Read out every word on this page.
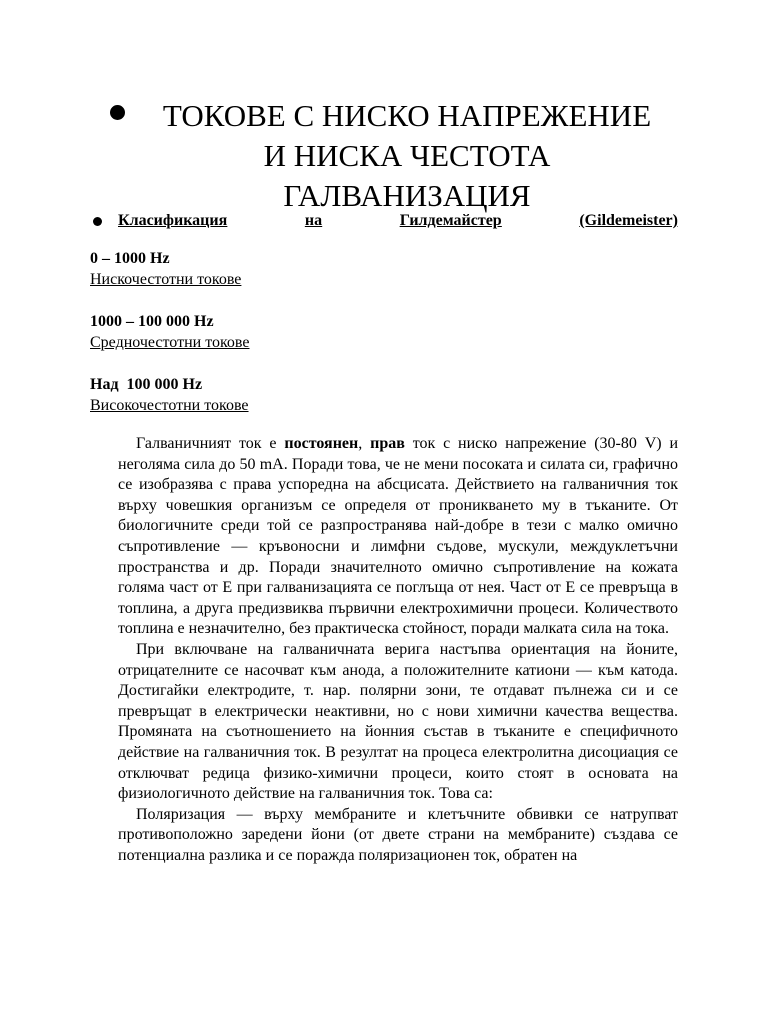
ТОКОВЕ С НИСКО НАПРЕЖЕНИЕ
И НИСКА ЧЕСТОТА
ГАЛВАНИЗАЦИЯ
Класификация	на	Гилдемайстер	(Gildemeister)
0 – 1000 Hz
Нискочестотни токове
1000 – 100 000 Hz
Средночестотни токове
Над  100 000 Hz
Високочестотни токове

Галваничният ток е постоянен, прав ток с ниско напрежение (30-80 V) и неголяма сила до 50 mA. Поради това, че не мени посоката и силата си, графично се изобразява с права успоредна на абсцисата. Действието на галваничния ток върху човешкия организъм се определя от проникването му в тъканите. От биологичните среди той се разпространява най-добре в тези с малко омично съпротивление — кръвоносни и лимфни съдове, мускули, междуклетъчни пространства и др. Поради значителното омично съпротивление на кожата голяма част от Е при галванизацията се поглъща от нея. Част от Е се превръща в топлина, а друга предизвиква първични електрохимични процеси. Количеството топлина е незначително, без практическа стойност, поради малката сила на тока.

При включване на галваничната верига настъпва ориентация на йоните, отрицателните се насочват към анода, а положителните катиони — към катода. Достигайки електродите, т. нар. полярни зони, те отдават пълнежа си и се превръщат в електрически неактивни, но с нови химични качества вещества. Промяната на съотношението на йонния състав в тъканите е специфичното действие на галваничния ток. В резултат на процеса електролитна дисоциация се отключват редица физико-химични процеси, които стоят в основата на физиологичното действие на галваничния ток. Това са:

Поляризация — върху мембраните и клетъчните обвивки се натрупват противоположно заредени йони (от двете страни на мембраните) създава се потенциална разлика и се поражда поляризационен ток, обратен на
